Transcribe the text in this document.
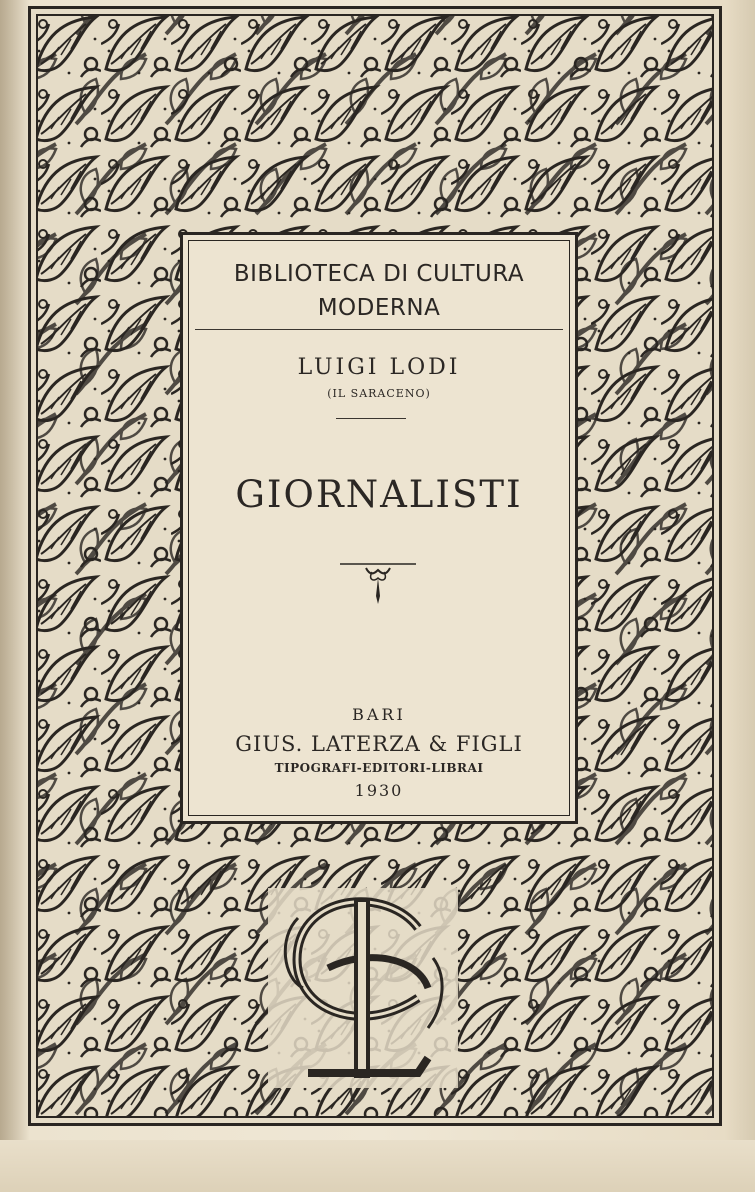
BIBLIOTECA DI CULTURA
MODERNA
LUIGI LODI
(IL SARACENO)
GIORNALISTI
BARI
GIUS. LATERZA & FIGLI
TIPOGRAFI-EDITORI-LIBRAI
1930
